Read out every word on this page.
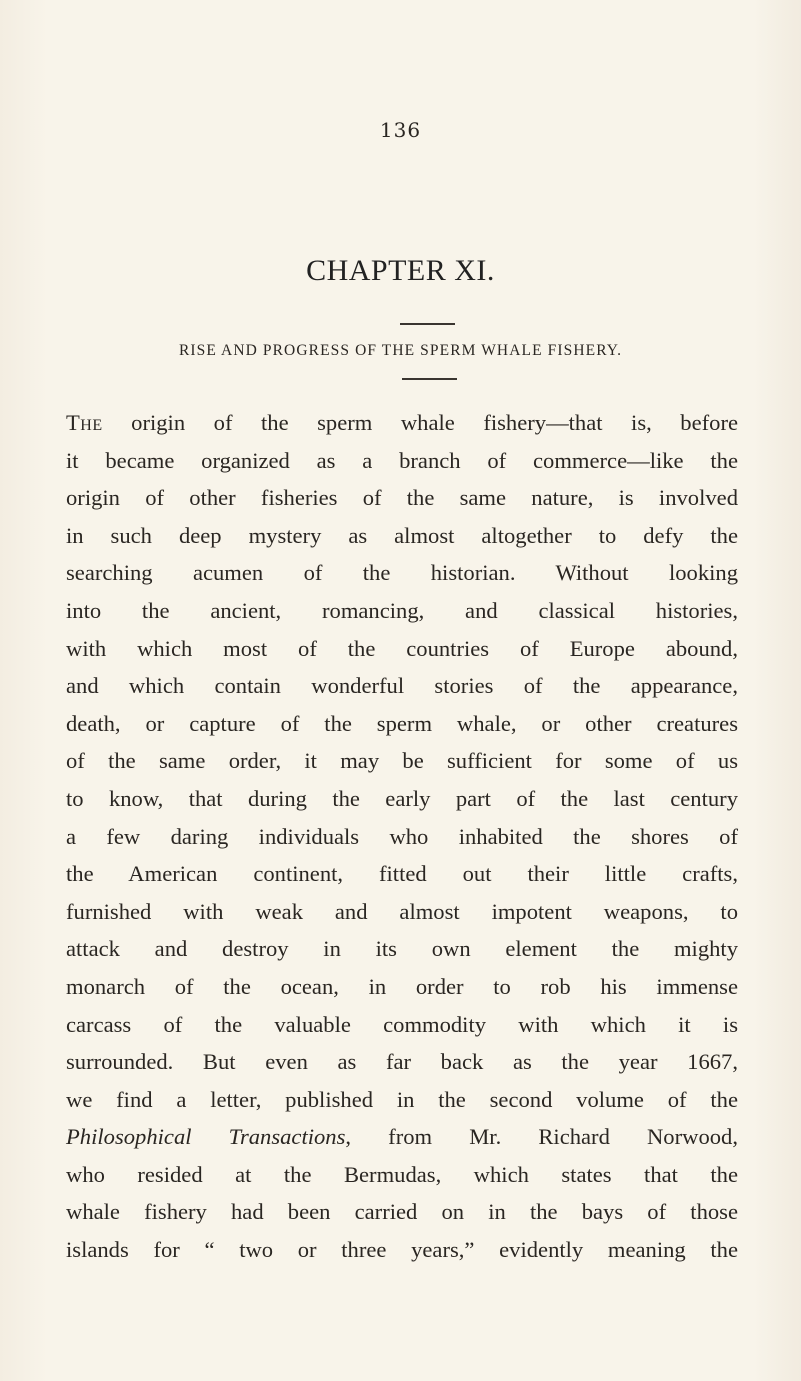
136
CHAPTER XI.
RISE AND PROGRESS OF THE SPERM WHALE FISHERY.
The origin of the sperm whale fishery—that is, before
it became organized as a branch of commerce—like the
origin of other fisheries of the same nature, is involved
in such deep mystery as almost altogether to defy the
searching acumen of the historian. Without looking
into the ancient, romancing, and classical histories,
with which most of the countries of Europe abound,
and which contain wonderful stories of the appearance,
death, or capture of the sperm whale, or other creatures
of the same order, it may be sufficient for some of us
to know, that during the early part of the last century
a few daring individuals who inhabited the shores of
the American continent, fitted out their little crafts,
furnished with weak and almost impotent weapons, to
attack and destroy in its own element the mighty
monarch of the ocean, in order to rob his immense
carcass of the valuable commodity with which it is
surrounded. But even as far back as the year 1667,
we find a letter, published in the second volume of the
Philosophical Transactions, from Mr. Richard Norwood,
who resided at the Bermudas, which states that the
whale fishery had been carried on in the bays of those
islands for “ two or three years,” evidently meaning the
